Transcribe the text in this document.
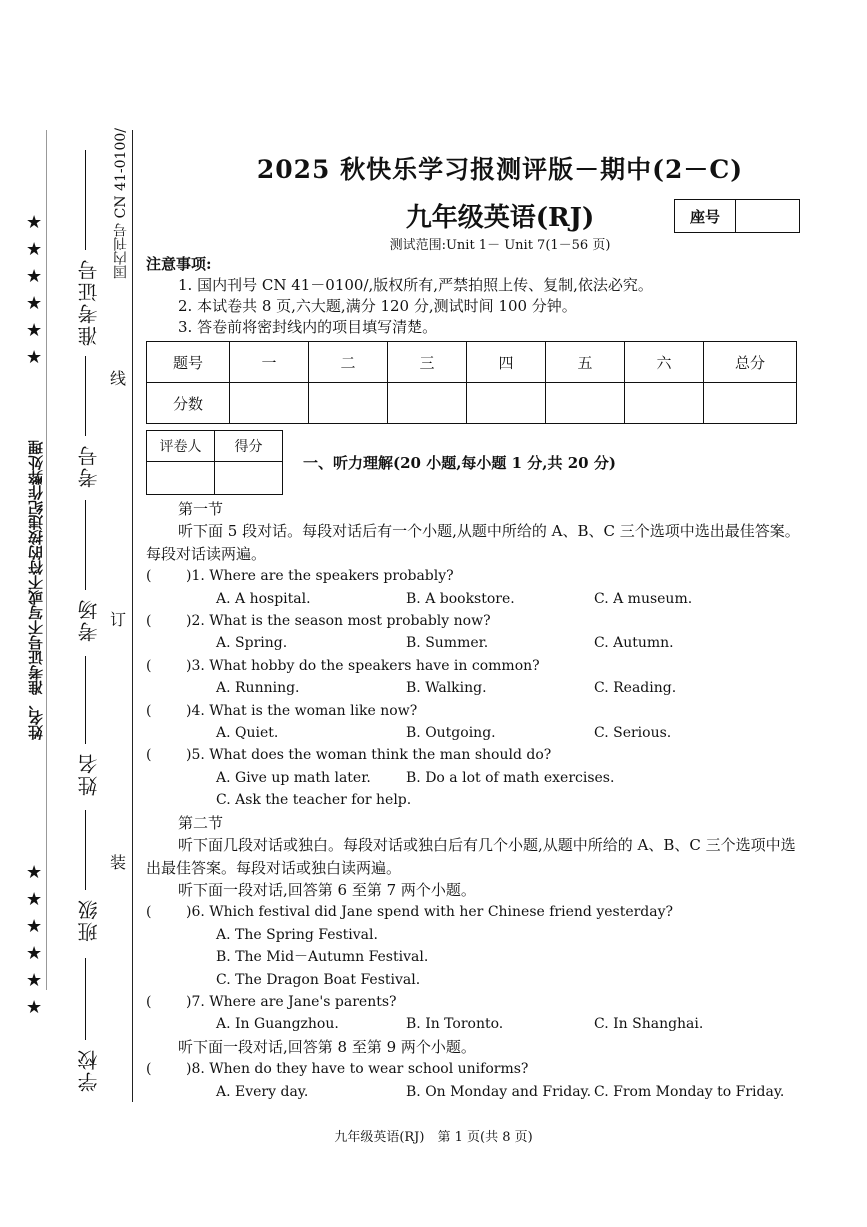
★
★
★
★
★
★
★
★
★
★
★
★
姓名、准考证号不写或不符的按违纪作弊处理
国内刊号 CN 41-0100/
准考证号
考号
考场
姓名
班级
学校
线
订
装
2025 秋快乐学习报测评版－期中(2－C)
九年级英语(RJ)	座号
测试范围:Unit 1－ Unit 7(1－56 页)
注意事项:
1. 国内刊号 CN 41－0100/,版权所有,严禁拍照上传、复制,依法必究。
2. 本试卷共 8 页,六大题,满分 120 分,测试时间 100 分钟。
3. 答卷前将密封线内的项目填写清楚。
题号	一	二	三	四	五	六	总分
分数							
评卷人	得分

一、听力理解(20 小题,每小题 1 分,共 20 分)
第一节
听下面 5 段对话。每段对话后有一个小题,从题中所给的 A、B、C 三个选项中选出最佳答案。每段对话读两遍。
(	)1. Where are the speakers probably?
A. A hospital.	B. A bookstore.	C. A museum.
(	)2. What is the season most probably now?
A. Spring.	B. Summer.	C. Autumn.
(	)3. What hobby do the speakers have in common?
A. Running.	B. Walking.	C. Reading.
(	)4. What is the woman like now?
A. Quiet.	B. Outgoing.	C. Serious.
(	)5. What does the woman think the man should do?
A. Give up math later.	B. Do a lot of math exercises.
C. Ask the teacher for help.
第二节
听下面几段对话或独白。每段对话或独白后有几个小题,从题中所给的 A、B、C 三个选项中选出最佳答案。每段对话或独白读两遍。
听下面一段对话,回答第 6 至第 7 两个小题。
(	)6. Which festival did Jane spend with her Chinese friend yesterday?
A. The Spring Festival.
B. The Mid－Autumn Festival.
C. The Dragon Boat Festival.
(	)7. Where are Jane's parents?
A. In Guangzhou.	B. In Toronto.	C. In Shanghai.
听下面一段对话,回答第 8 至第 9 两个小题。
(	)8. When do they have to wear school uniforms?
A. Every day.	B. On Monday and Friday. C. From Monday to Friday.
九年级英语(RJ)　第 1 页(共 8 页)
